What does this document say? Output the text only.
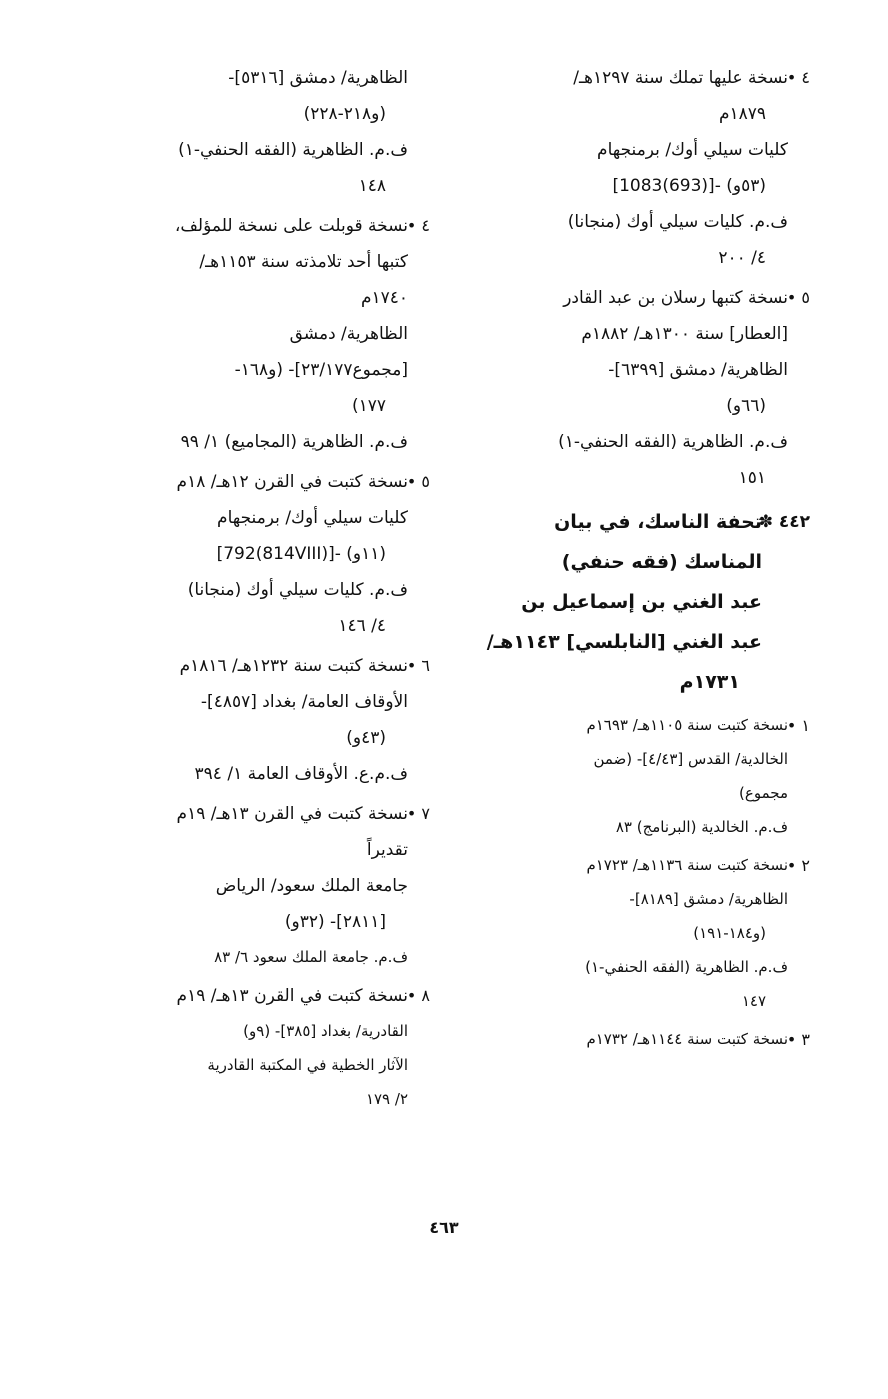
٤ •
نسخة عليها تملك سنة ١٢٩٧هـ/
١٨٧٩م
كليات سيلي أوك/ برمنجهام
[1083(693)]- (٥٣و)
ف.م. كليات سيلي أوك (منجانا)
٤/ ٢٠٠
٥ •
نسخة كتبها رسلان بن عبد القادر
[العطار] سنة ١٣٠٠هـ/ ١٨٨٢م
الظاهرية/ دمشق [٦٣٩٩]-
(٦٦و)
ف.م. الظاهرية (الفقه الحنفي-١)
١٥١
٤٤٢ ✽
تحفة الناسك، في بيان
المناسك (فقه حنفي)
عبد الغني بن إسماعيل بن
عبد الغني [النابلسي] ١١٤٣هـ/
١٧٣١م
١ •
نسخة كتبت سنة ١١٠٥هـ/ ١٦٩٣م
الخالدية/ القدس [٤/٤٣]- (ضمن
مجموع)
ف.م. الخالدية (البرنامج) ٨٣
٢ •
نسخة كتبت سنة ١١٣٦هـ/ ١٧٢٣م
الظاهرية/ دمشق [٨١٨٩]-
(و١٨٤-١٩١)
ف.م. الظاهرية (الفقه الحنفي-١)
١٤٧
٣ •
نسخة كتبت سنة ١١٤٤هـ/ ١٧٣٢م
الظاهرية/ دمشق [٥٣١٦]-
(و٢١٨-٢٢٨)
ف.م. الظاهرية (الفقه الحنفي-١)
١٤٨
٤ •
نسخة قوبلت على نسخة للمؤلف،
كتبها أحد تلامذته سنة ١١٥٣هـ/
١٧٤٠م
الظاهرية/ دمشق
[مجموع٢٣/١٧٧]- (و١٦٨-
١٧٧)
ف.م. الظاهرية (المجاميع) ١/ ٩٩
٥ •
نسخة كتبت في القرن ١٢هـ/ ١٨م
كليات سيلي أوك/ برمنجهام
[792(814VIII)]- (١١و)
ف.م. كليات سيلي أوك (منجانا)
٤/ ١٤٦
٦ •
نسخة كتبت سنة ١٢٣٢هـ/ ١٨١٦م
الأوقاف العامة/ بغداد [٤٨٥٧]-
(٤٣و)
ف.م.ع. الأوقاف العامة ١/ ٣٩٤
٧ •
نسخة كتبت في القرن ١٣هـ/ ١٩م
تقديراً
جامعة الملك سعود/ الرياض
[٢٨١١]- (٣٢و)
ف.م. جامعة الملك سعود ٦/ ٨٣
٨ •
نسخة كتبت في القرن ١٣هـ/ ١٩م
القادرية/ بغداد [٣٨٥]- (٩و)
الآثار الخطية في المكتبة القادرية
٢/ ١٧٩
٤٦٣
